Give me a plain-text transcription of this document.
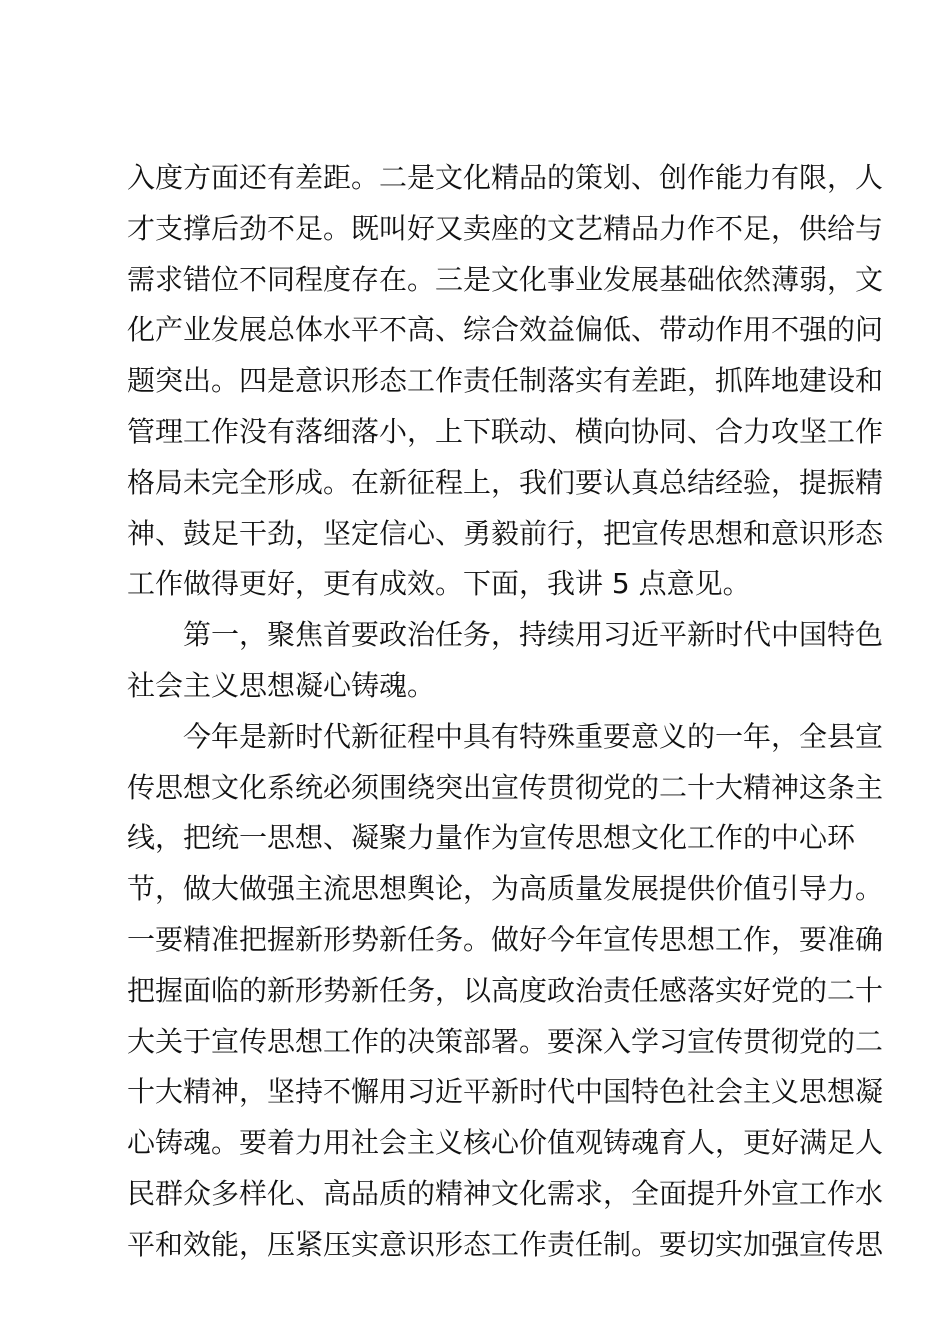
入度方面还有差距。二是文化精品的策划、创作能力有限，人
才支撑后劲不足。既叫好又卖座的文艺精品力作不足，供给与
需求错位不同程度存在。三是文化事业发展基础依然薄弱，文
化产业发展总体水平不高、综合效益偏低、带动作用不强的问
题突出。四是意识形态工作责任制落实有差距，抓阵地建设和
管理工作没有落细落小，上下联动、横向协同、合力攻坚工作
格局未完全形成。在新征程上，我们要认真总结经验，提振精
神、鼓足干劲，坚定信心、勇毅前行，把宣传思想和意识形态
工作做得更好，更有成效。下面，我讲 5 点意见。
第一，聚焦首要政治任务，持续用习近平新时代中国特色
社会主义思想凝心铸魂。
今年是新时代新征程中具有特殊重要意义的一年，全县宣
传思想文化系统必须围绕突出宣传贯彻党的二十大精神这条主
线，把统一思想、凝聚力量作为宣传思想文化工作的中心环
节，做大做强主流思想舆论，为高质量发展提供价值引导力。
一要精准把握新形势新任务。做好今年宣传思想工作，要准确
把握面临的新形势新任务，以高度政治责任感落实好党的二十
大关于宣传思想工作的决策部署。要深入学习宣传贯彻党的二
十大精神，坚持不懈用习近平新时代中国特色社会主义思想凝
心铸魂。要着力用社会主义核心价值观铸魂育人，更好满足人
民群众多样化、高品质的精神文化需求，全面提升外宣工作水
平和效能，压紧压实意识形态工作责任制。要切实加强宣传思
